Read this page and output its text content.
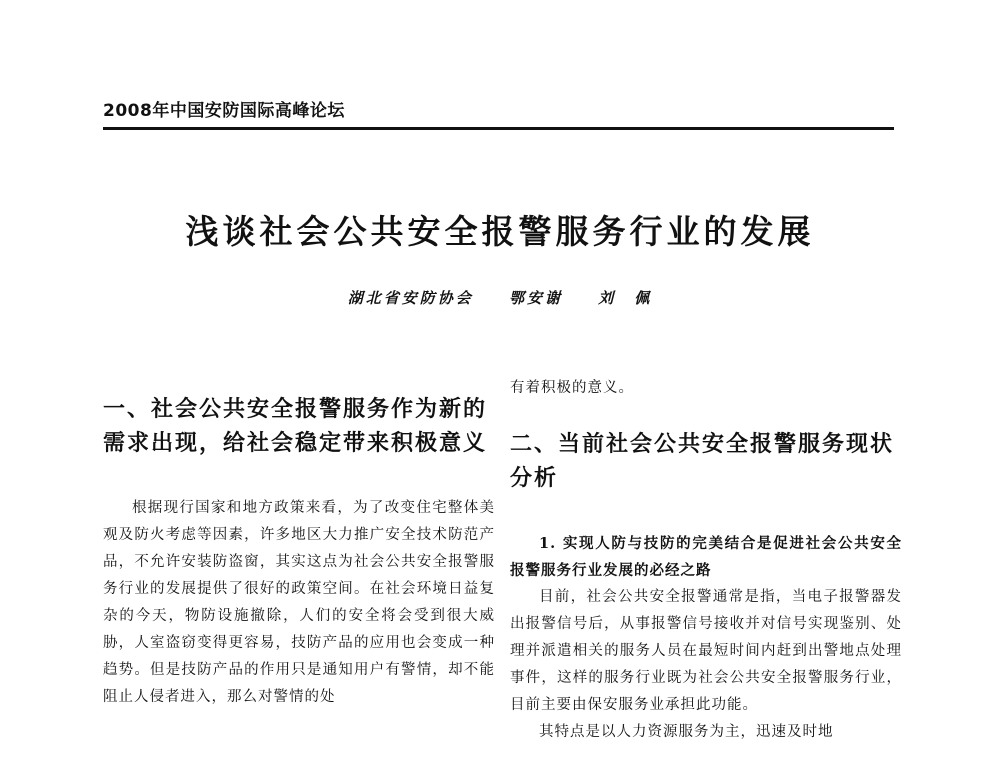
2008年中国安防国际高峰论坛
浅谈社会公共安全报警服务行业的发展
湖北省安防协会 鄂安谢 刘　佩
一、社会公共安全报警服务作为新的需求出现，给社会稳定带来积极意义

根据现行国家和地方政策来看，为了改变住宅整体美观及防火考虑等因素，许多地区大力推广安全技术防范产品，不允许安装防盗窗，其实这点为社会公共安全报警服务行业的发展提供了很好的政策空间。在社会环境日益复杂的今天，物防设施撤除，人们的安全将会受到很大威胁，人室盗窃变得更容易，技防产品的应用也会变成一种趋势。但是技防产品的作用只是通知用户有警情，却不能阻止人侵者进入，那么对警情的处

有着积极的意义。

二、当前社会公共安全报警服务现状分析

1. 实现人防与技防的完美结合是促进社会公共安全报警服务行业发展的必经之路

目前，社会公共安全报警通常是指，当电子报警器发出报警信号后，从事报警信号接收并对信号实现鉴别、处理并派遣相关的服务人员在最短时间内赶到出警地点处理事件，这样的服务行业既为社会公共安全报警服务行业，目前主要由保安服务业承担此功能。

其特点是以人力资源服务为主，迅速及时地
